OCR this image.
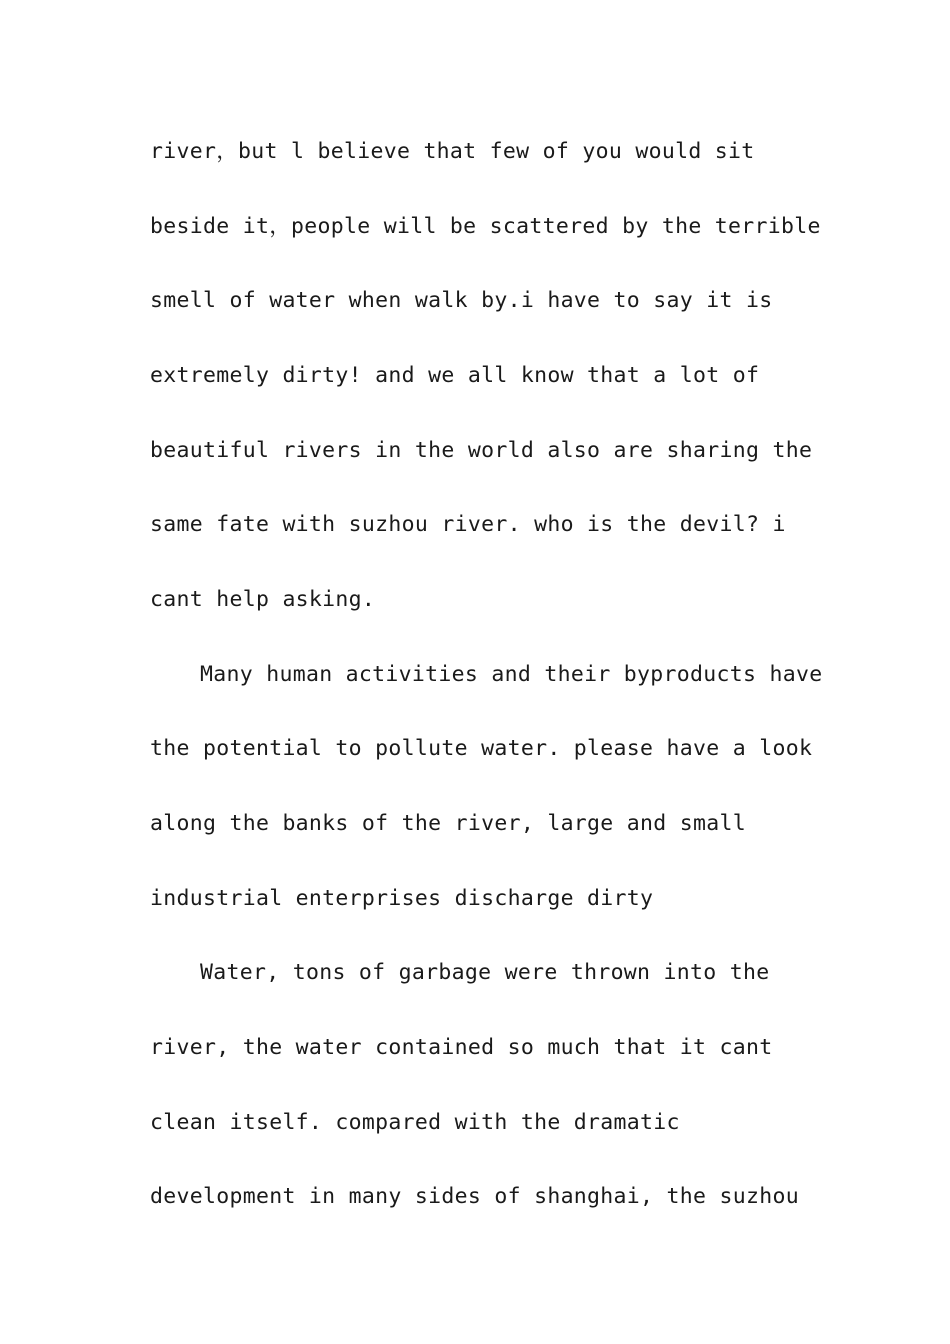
river，but l believe that few of you would sit
beside it，people will be scattered by the terrible
smell of water when walk by.i have to say it is
extremely dirty! and we all know that a lot of
beautiful rivers in the world also are sharing the
same fate with suzhou river. who is the devil? i
cant help asking.
Many human activities and their byproducts have
the potential to pollute water. please have a look
along the banks of the river, large and small
industrial enterprises discharge dirty
Water, tons of garbage were thrown into the
river, the water contained so much that it cant
clean itself. compared with the dramatic
development in many sides of shanghai, the suzhou
